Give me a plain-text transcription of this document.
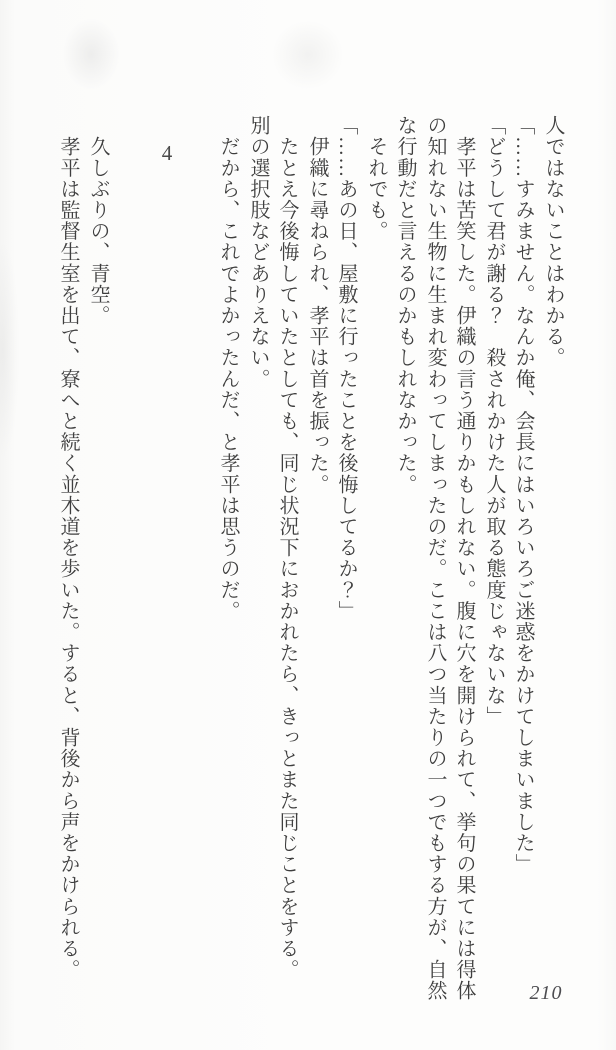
人ではないことはわかる。
「……すみません。なんか俺、会長にはいろいろご迷惑をかけてしまいました」
「どうして君が謝る？　殺されかけた人が取る態度じゃないな」
　孝平は苦笑した。伊織の言う通りかもしれない。腹に穴を開けられて、挙句の果てには得体
の知れない生物に生まれ変わってしまったのだ。ここは八つ当たりの一つでもする方が、自然
な行動だと言えるのかもしれなかった。
　それでも。
「……あの日、屋敷に行ったことを後悔してるか？」
　伊織に尋ねられ、孝平は首を振った。
　たとえ今後悔していたとしても、同じ状況下におかれたら、きっとまた同じことをする。
別の選択肢などありえない。
　だから、これでよかったんだ、と孝平は思うのだ。
4
　久しぶりの、青空。
　孝平は監督生室を出て、寮へと続く並木道を歩いた。すると、背後から声をかけられる。
210
